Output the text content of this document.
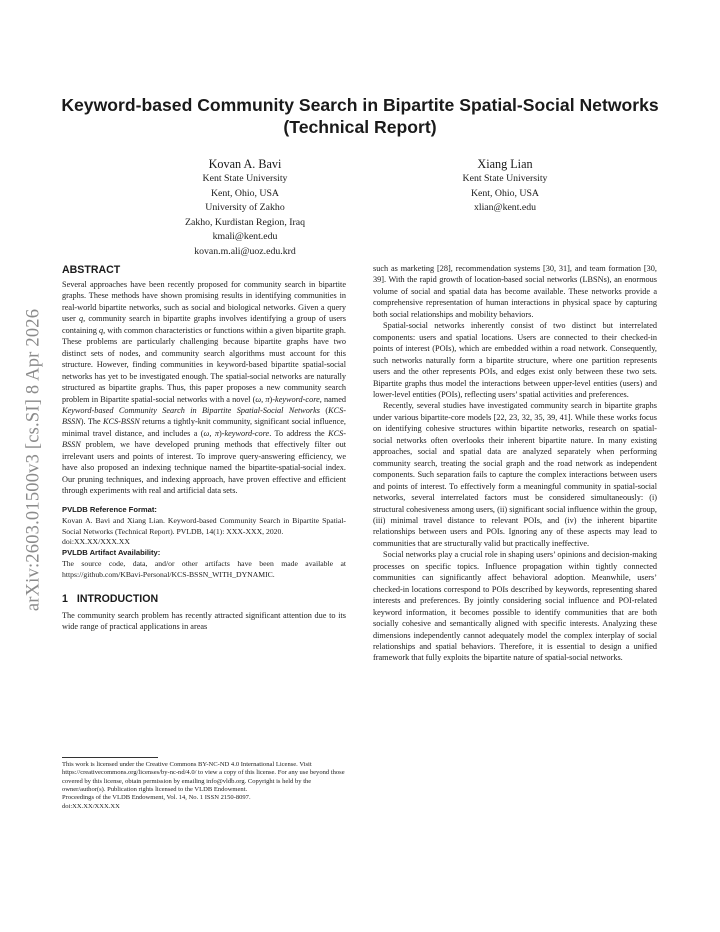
arXiv:2603.01500v3 [cs.SI] 8 Apr 2026
Keyword-based Community Search in Bipartite Spatial-Social Networks (Technical Report)
Kovan A. Bavi
Kent State University
Kent, Ohio, USA
University of Zakho
Zakho, Kurdistan Region, Iraq
kmali@kent.edu
kovan.m.ali@uoz.edu.krd
Xiang Lian
Kent State University
Kent, Ohio, USA
xlian@kent.edu
ABSTRACT

Several approaches have been recently proposed for community search in bipartite graphs. These methods have shown promising results in identifying communities in real-world bipartite networks, such as social and biological networks. Given a query user q, community search in bipartite graphs involves identifying a group of users containing q, with common characteristics or functions within a given bipartite graph. These problems are particularly challenging because bipartite graphs have two distinct sets of nodes, and community search algorithms must account for this structure. However, finding communities in keyword-based bipartite spatial-social networks has yet to be investigated enough. The spatial-social networks are naturally structured as bipartite graphs. Thus, this paper proposes a new community search problem in Bipartite spatial-social networks with a novel (ω, π)-keyword-core, named Keyword-based Community Search in Bipartite Spatial-Social Networks (KCS-BSSN). The KCS-BSSN returns a tightly-knit community, significant social influence, minimal travel distance, and includes a (ω, π)-keyword-core. To address the KCS-BSSN problem, we have developed pruning methods that effectively filter out irrelevant users and points of interest. To improve query-answering efficiency, we have also proposed an indexing technique named the bipartite-spatial-social index. Our pruning techniques, and indexing approach, have proven effective and efficient through experiments with real and artificial data sets.

PVLDB Reference Format:

Kovan A. Bavi and Xiang Lian. Keyword-based Community Search in Bipartite Spatial-Social Networks (Technical Report). PVLDB, 14(1): XXX-XXX, 2020.

doi:XX.XX/XXX.XX

PVLDB Artifact Availability:

The source code, data, and/or other artifacts have been made available at https://github.com/KBavi-Personal/KCS-BSSN_WITH_DYNAMIC.

1 INTRODUCTION

The community search problem has recently attracted significant attention due to its wide range of practical applications in areas

This work is licensed under the Creative Commons BY-NC-ND 4.0 International License. Visit https://creativecommons.org/licenses/by-nc-nd/4.0/ to view a copy of this license. For any use beyond those covered by this license, obtain permission by emailing info@vldb.org. Copyright is held by the owner/author(s). Publication rights licensed to the VLDB Endowment.

Proceedings of the VLDB Endowment, Vol. 14, No. 1 ISSN 2150-8097.

doi:XX.XX/XXX.XX

such as marketing [28], recommendation systems [30, 31], and team formation [30, 39]. With the rapid growth of location-based social networks (LBSNs), an enormous volume of social and spatial data has become available. These networks provide a comprehensive representation of human interactions in physical space by capturing both social relationships and mobility behaviors.

Spatial-social networks inherently consist of two distinct but interrelated components: users and spatial locations. Users are connected to their checked-in points of interest (POIs), which are embedded within a road network. Consequently, such networks naturally form a bipartite structure, where one partition represents users and the other represents POIs, and edges exist only between these two sets. Bipartite graphs thus model the interactions between upper-level entities (users) and lower-level entities (POIs), reflecting users’ spatial activities and preferences.

Recently, several studies have investigated community search in bipartite graphs under various bipartite-core models [22, 23, 32, 35, 39, 41]. While these works focus on identifying cohesive structures within bipartite networks, research on spatial-social networks often overlooks their inherent bipartite nature. In many existing approaches, social and spatial data are analyzed separately when performing community search, treating the social graph and the road network as independent components. Such separation fails to capture the complex interactions between users and points of interest. To effectively form a meaningful community in spatial-social networks, several interrelated factors must be considered simultaneously: (i) structural cohesiveness among users, (ii) significant social influence within the group, (iii) minimal travel distance to relevant POIs, and (iv) the inherent bipartite relationships between users and POIs. Ignoring any of these aspects may lead to communities that are structurally valid but practically ineffective.

Social networks play a crucial role in shaping users’ opinions and decision-making processes on specific topics. Influence propagation within tightly connected communities can significantly affect behavioral adoption. Meanwhile, users’ checked-in locations correspond to POIs described by keywords, representing shared interests and preferences. By jointly considering social influence and POI-related keyword information, it becomes possible to identify communities that are both socially cohesive and semantically aligned with specific interests. Analyzing these dimensions independently cannot adequately model the complex interplay of social relationships and spatial behaviors. Therefore, it is essential to design a unified framework that fully exploits the bipartite nature of spatial-social networks.
